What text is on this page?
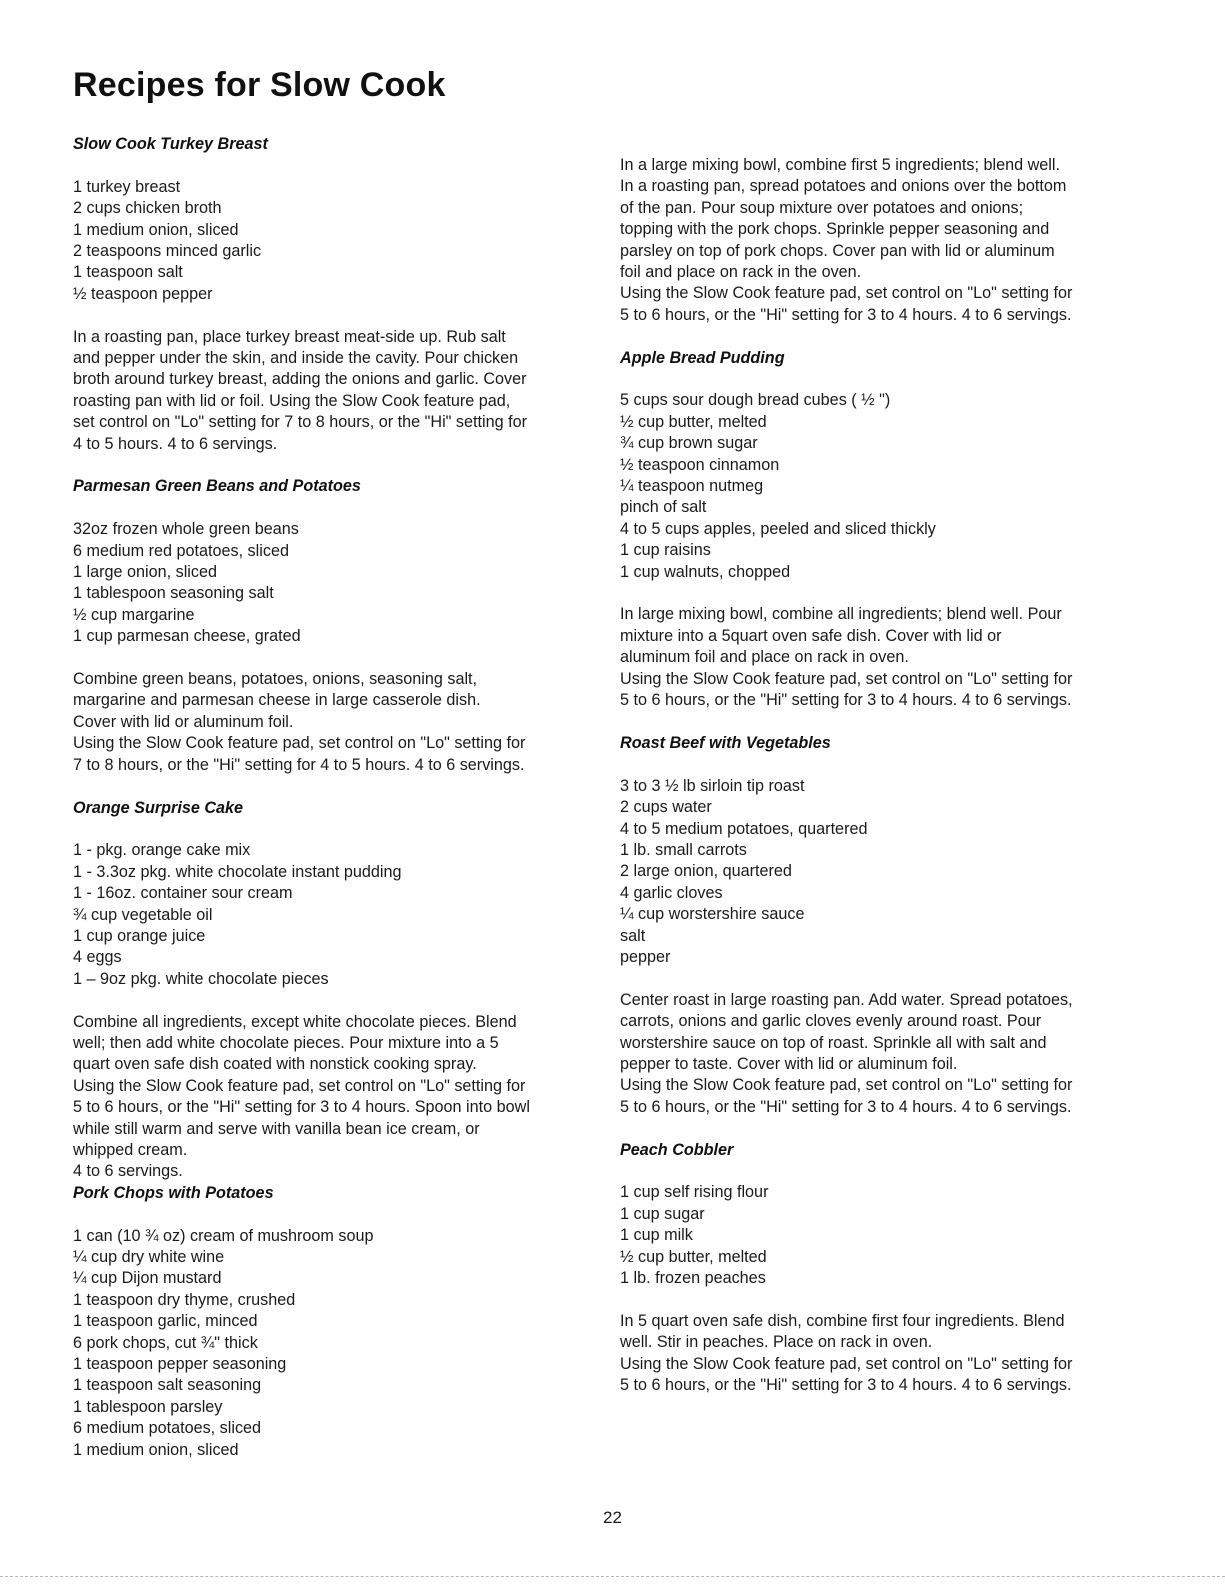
Recipes for Slow Cook
Slow Cook Turkey Breast
1 turkey breast
2 cups chicken broth
1 medium onion, sliced
2 teaspoons minced garlic
1 teaspoon salt
½ teaspoon pepper

In a roasting pan, place turkey breast meat-side up. Rub salt
and pepper under the skin, and inside the cavity. Pour chicken
broth around turkey breast, adding the onions and garlic. Cover
roasting pan with lid or foil. Using the Slow Cook feature pad,
set control on "Lo" setting for 7 to 8 hours, or the "Hi" setting for
4 to 5 hours. 4 to 6 servings.

Parmesan Green Beans and Potatoes
32oz frozen whole green beans
6 medium red potatoes, sliced
1 large onion, sliced
1 tablespoon seasoning salt
½ cup margarine
1 cup parmesan cheese, grated

Combine green beans, potatoes, onions, seasoning salt,
margarine and parmesan cheese in large casserole dish.
Cover with lid or aluminum foil.

Using the Slow Cook feature pad, set control on "Lo" setting for
7 to 8 hours, or the "Hi" setting for 4 to 5 hours. 4 to 6 servings.

Orange Surprise Cake
1 - pkg. orange cake mix
1 - 3.3oz pkg. white chocolate instant pudding
1 - 16oz. container sour cream
¾ cup vegetable oil
1 cup orange juice
4 eggs
1 – 9oz pkg. white chocolate pieces

Combine all ingredients, except white chocolate pieces. Blend
well; then add white chocolate pieces. Pour mixture into a 5
quart oven safe dish coated with nonstick cooking spray.

Using the Slow Cook feature pad, set control on "Lo" setting for
5 to 6 hours, or the "Hi" setting for 3 to 4 hours. Spoon into bowl
while still warm and serve with vanilla bean ice cream, or
whipped cream.

4 to 6 servings.

Pork Chops with Potatoes
1 can (10 ¾ oz) cream of mushroom soup
¼ cup dry white wine
¼ cup Dijon mustard
1 teaspoon dry thyme, crushed
1 teaspoon garlic, minced
6 pork chops, cut ¾" thick
1 teaspoon pepper seasoning
1 teaspoon salt seasoning
1 tablespoon parsley
6 medium potatoes, sliced
1 medium onion, sliced

In a large mixing bowl, combine first 5 ingredients; blend well.
In a roasting pan, spread potatoes and onions over the bottom
of the pan. Pour soup mixture over potatoes and onions;
topping with the pork chops. Sprinkle pepper seasoning and
parsley on top of pork chops. Cover pan with lid or aluminum
foil and place on rack in the oven.

Using the Slow Cook feature pad, set control on "Lo" setting for
5 to 6 hours, or the "Hi" setting for 3 to 4 hours. 4 to 6 servings.

Apple Bread Pudding
5 cups sour dough bread cubes ( ½ ")
½ cup butter, melted
¾ cup brown sugar
½ teaspoon cinnamon
¼ teaspoon nutmeg
pinch of salt
4 to 5 cups apples, peeled and sliced thickly
1 cup raisins
1 cup walnuts, chopped

In large mixing bowl, combine all ingredients; blend well. Pour
mixture into a 5quart oven safe dish. Cover with lid or
aluminum foil and place on rack in oven.

Using the Slow Cook feature pad, set control on "Lo" setting for
5 to 6 hours, or the "Hi" setting for 3 to 4 hours. 4 to 6 servings.

Roast Beef with Vegetables
3 to 3 ½ lb sirloin tip roast
2 cups water
4 to 5 medium potatoes, quartered
1 lb. small carrots
2 large onion, quartered
4 garlic cloves
¼ cup worstershire sauce
salt
pepper

Center roast in large roasting pan. Add water. Spread potatoes,
carrots, onions and garlic cloves evenly around roast. Pour
worstershire sauce on top of roast. Sprinkle all with salt and
pepper to taste. Cover with lid or aluminum foil.

Using the Slow Cook feature pad, set control on "Lo" setting for
5 to 6 hours, or the "Hi" setting for 3 to 4 hours. 4 to 6 servings.

Peach Cobbler
1 cup self rising flour
1 cup sugar
1 cup milk
½ cup butter, melted
1 lb. frozen peaches

In 5 quart oven safe dish, combine first four ingredients. Blend
well. Stir in peaches. Place on rack in oven.

Using the Slow Cook feature pad, set control on "Lo" setting for
5 to 6 hours, or the "Hi" setting for 3 to 4 hours. 4 to 6 servings.

22
